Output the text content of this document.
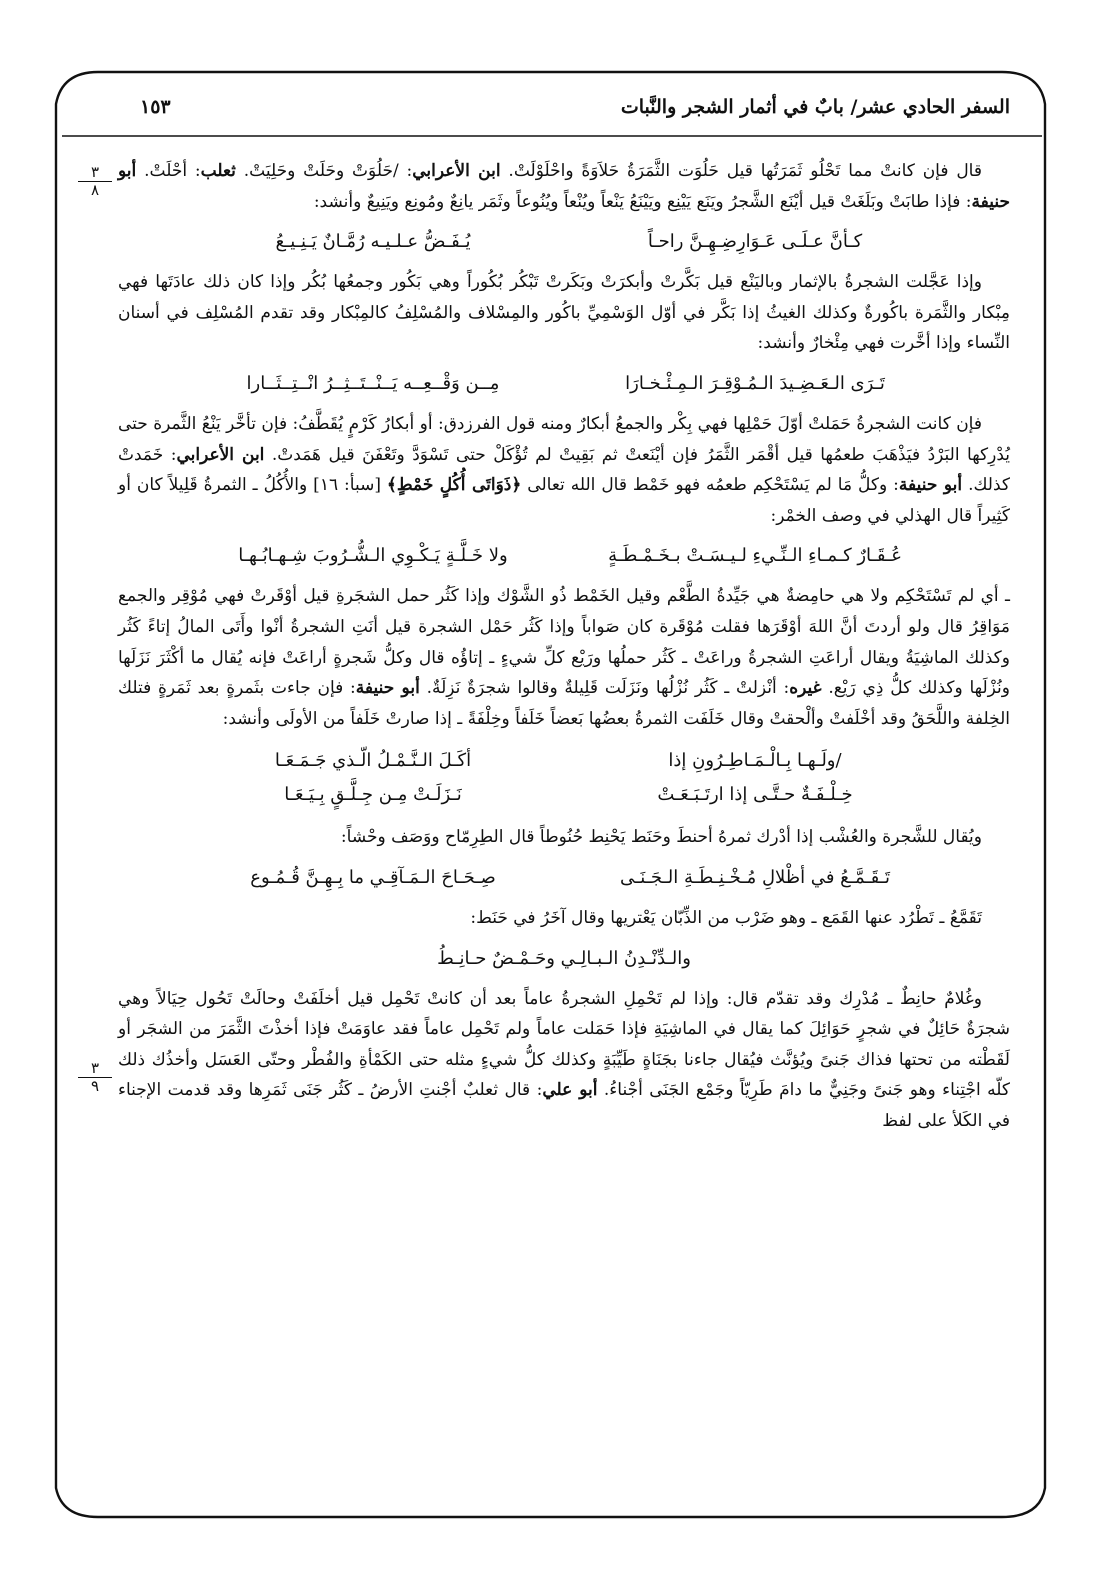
السفر الحادي عشر/ بابٌ في أثمار الشجر والنَّبات
١٥٣
٣
٨
٣
٩

قال فإن كانتْ مما تَحْلُو ثَمَرَتُها قيل حَلُوَت الثَّمَرَةُ حَلاَوَةً واحْلَوْلَتْ. ابن الأعرابي: /حَلُوَتْ وحَلَتْ وحَلِيَتْ. ثعلب: أحْلَتْ. أبو حنيفة: فإذا طابَتْ وبَلَغَتْ قيل أيْنَع الشَّجرُ ويَنَع يَيْنِع ويَيْنَعُ يَنْعاً ويُنْعاً ويُنُوعاً وثَمَر يانِعٌ ومُونِع ويَنِيعٌ وأنشد:

كـأنَّ عـلَـى عَـوَارِضِـهِـنَّ راحـاً
يُـفَـضُّ عـلـيـه رُمَّـانٌ يَـنِـيـعُ

وإذا عَجَّلت الشجرةُ بالإثمار وباليَنْع قيل بَكَّرتْ وأبكرَتْ وبَكَرتْ تَبْكُر بُكُوراً وهي بَكُور وجمعُها بُكُر وإذا كان ذلك عادَتَها فهي مِبْكار والثَّمَرة باكُورةٌ وكذلك الغيثُ إذا بَكَّر في أوّل الوَسْمِيِّ باكُور والمِسْلاف والمُسْلِفُ كالمِبْكار وقد تقدم المُسْلِف في أسنان النِّساء وإذا أخَّرت فهي مِئْخارٌ وأنشد:

تَـرَى الـعَـضِـيدَ الـمُـوْقِـرَ الـمِـئْـخـارَا
مِــن وَقْــعِــه يَــنْــتَــثِــرُ انْــتِــثَــارا

فإن كانت الشجرةُ حَمَلتْ أوّلَ حَمْلِها فهي بِكْر والجمعُ أبكارٌ ومنه قول الفرزدق: أو أبكارُ كَرْمٍ يُقَطَّفُ: فإن تأخَّر يَنْعُ الثَّمرة حتى يُدْرِكها البَرْدُ فيَذْهَبَ طعمُها قيل أقْمَر الثَّمَرُ فإن أيْنَعتْ ثم بَقِيتْ لم تُؤْكَلْ حتى تَسْوَدَّ وتَعْفَنَ قيل هَمَدتْ. ابن الأعرابي: خَمَدتْ كذلك. أبو حنيفة: وكلُّ مَا لم يَسْتَحْكِم طعمُه فهو خَمْط قال الله تعالى ﴿ذَوَاتَى أُكُلٍ خَمْطٍ﴾ [سبأ: ١٦] والأُكُلُ ـ الثمرةُ قَلِيلاً كان أو كَثِيراً قال الهذلي في وصف الخمْر:

عُـقَـارٌ كـمـاءِ الـنِّـيءِ لـيـسَـتْ بـخَـمْـطَـةٍ
ولا خَـلَّـةٍ يَـكْـوِي الـشُّـرُوبَ شِـهـابُـهـا

ـ أي لم تَسْتَحْكِم ولا هي حامِضةٌ هي جَيِّدةُ الطَّعْم وقيل الخَمْط ذُو الشَّوْك وإذا كَثُر حمل الشجَرةِ قيل أوْقَرتْ فهي مُوْقِر والجمع مَوَاقِرُ قال ولو أردتَ أنَّ اللهَ أوْقَرَها فقلت مُوْقَرة كان صَواباً وإذا كَثُر حَمْل الشجرة قيل أنَتِ الشجرةُ أنْوا وأَتَى المالُ إتاءً كَثُر وكذلك الماشِيَةُ ويقال أراعَتِ الشجرةُ وراعَتْ ـ كَثُر حملُها ورَيْع كلِّ شيءٍ ـ إتاؤُه قال وكلُّ شَجرةٍ أراعَتْ فإنه يُقال ما أكْثَرَ نَزَلَها ونُزْلَها وكذلك كلُّ ذِي رَيْع. غيره: أنْزلتْ ـ كَثُر نُزْلُها ونَزَلَت قَلِيلةٌ وقالوا شجرَةٌ نَزِلَةٌ. أبو حنيفة: فإن جاءت بثَمرةٍ بعد ثَمَرةٍ فتلك الخِلفة واللَّحَقُ وقد أخْلَفتْ وألْحقتْ وقال خَلَفَت الثمرةُ بعضُها بَعضاً خَلَفاً وخِلْفَةً ـ إذا صارتْ خَلَفاً من الأولَى وأنشد:

/ولَـهـا بِـالْـمَـاطِـرُونِ إذا
أكَـلَ الـنَّـمْـلُ الّـذي جَـمَـعَـا
خِـلْـفَـةٌ حـتَّـى إذا ارتَـبَـعَـتْ
نَـزَلَـتْ مِـن جِـلَّـقٍ بِـيَـعَـا

ويُقال للشَّجرة والعُشْب إذا أدْرك ثمرهُ أحنطَ وحَنَط يَحْنِط حُنُوطاً قال الطِرِمّاح ووَصَف وحْشاً:

تَـقَـمَّـعُ في أظْلالِ مُـخْـنِـطَـةِ الـجَـنَـى
صِـحَـاحَ الـمَـآقِـي ما بِـهِـنَّ قُـمُـوع

تَقَمَّعُ ـ تَطْرُد عنها القَمَع ـ وهو ضَرْب من الذِّبّان يَعْتريها وقال آخَرُ في حَنَط:

والـدِّنْـدِنُ الـبـالِـي وحَـمْـضٌ حـانِـطُ

وغُلامٌ حانِطٌ ـ مُدْرِك وقد تقدّم قال: وإذا لم تَحْمِلِ الشجرةُ عاماً بعد أن كانتْ تَحْمِل قيل أخلَفَتْ وحالَتْ تَحُول حِيَالاً وهي شجرَةٌ حَائِلٌ في شجرٍ حَوَائِلَ كما يقال في الماشِيَةِ فإذا حَمَلت عاماً ولم تَحْمِل عاماً فقد عاوَمَتْ فإذا أخذْتَ الثَّمَرَ من الشجَر أو لَقَطْته من تحتها فذاك جَنىً ويُؤنَّث فيُقال جاءنا بجَنَاةٍ طَيِّبَةٍ وكذلك كلُّ شيءٍ مثله حتى الكَمْأةِ والفُطْر وحتّى العَسَل وأخذُك ذلك كلّه اجْتِناء وهو جَنىً وجَنِيٌّ ما دامَ طَرِيّاً وجَمْع الجَنَى أجْناءُ. أبو علي: قال ثعلبٌ أجْنتِ الأرضُ ـ كَثُر جَنَى ثَمَرِها وقد قدمت الإجناء في الكَلأ على لفظ
